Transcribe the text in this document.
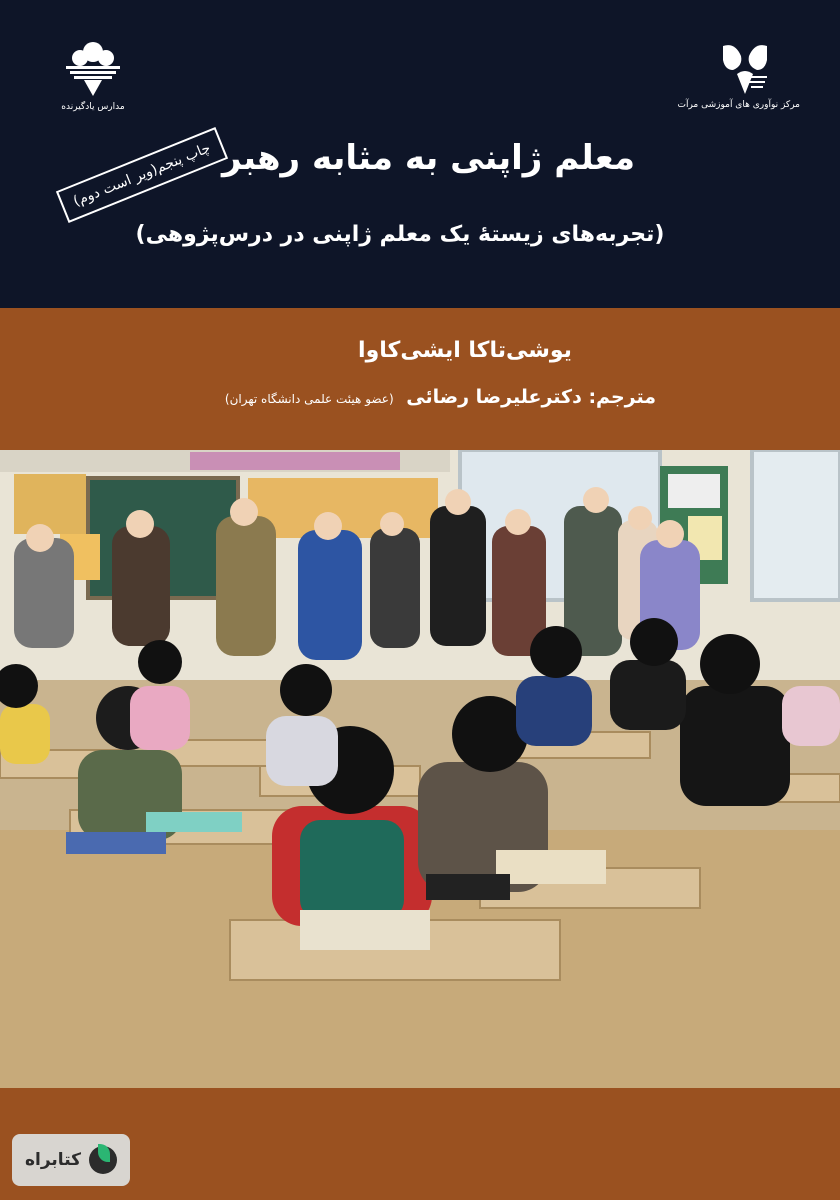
مدارس یادگیرنده	مرکز نوآوری های آموزشی مرآت
چاپ پنجم(ویر است دوم) معلم ژاپنی به مثابه رهبر
(تجربه‌های زیستهٔ یک معلم ژاپنی در درس‌پژوهی)
یوشی‌تاکا ایشی‌کاوا
مترجم: دکترعلیرضا رضائی (عضو هیئت علمی دانشگاه تهران)
کتابراه
